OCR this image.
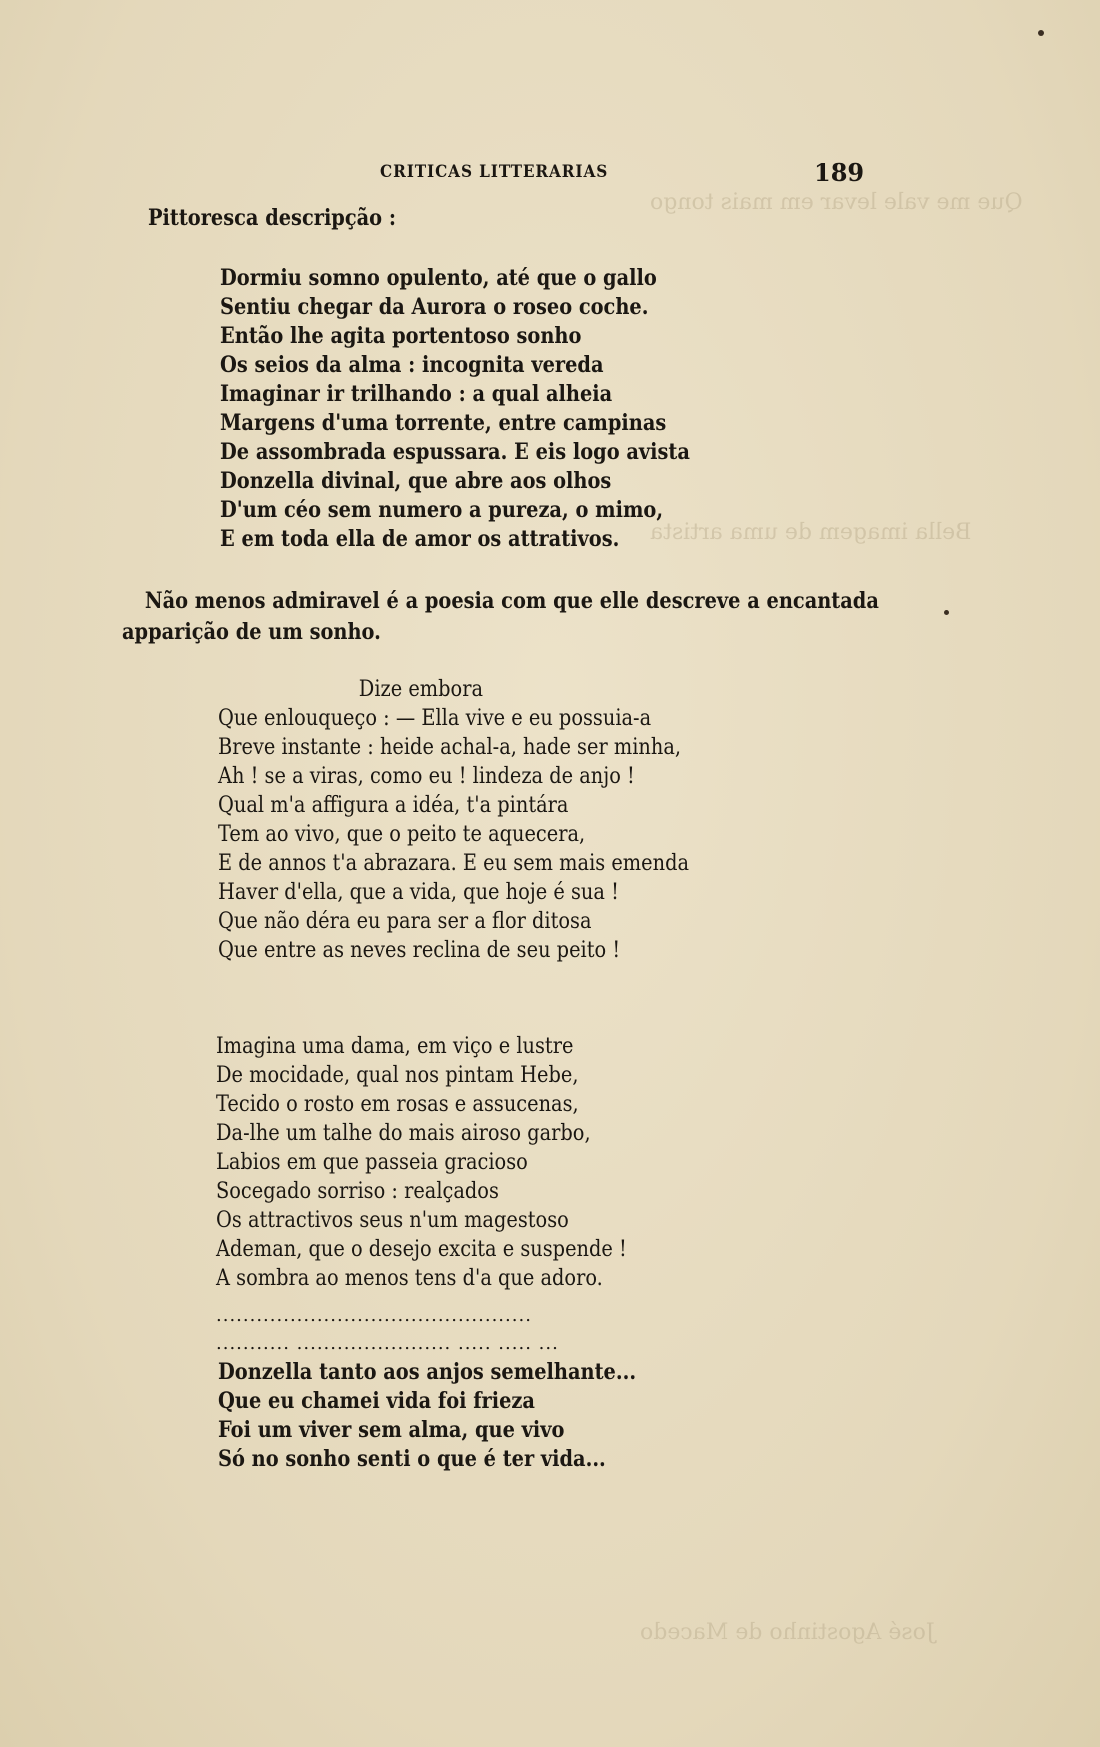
Que me vale levar em mais tongo
Bella imagem de uma artista
José Agostinho de Macedo
CRITICAS LITTERARIAS	189
Pittoresca descripção :
Dormiu somno opulento, até que o gallo
Sentiu chegar da Aurora o roseo coche.
Então lhe agita portentoso sonho
Os seios da alma : incognita vereda
Imaginar ir trilhando : a qual alheia
Margens d'uma torrente, entre campinas
De assombrada espussara. E eis logo avista
Donzella divinal, que abre aos olhos
D'um céo sem numero a pureza, o mimo,
E em toda ella de amor os attrativos.
Não menos admiravel é a poesia com que elle descreve a encantada
apparição de um sonho.
Dize embora
Que enlouqueço : — Ella vive e eu possuia-a
Breve instante : heide achal-a, hade ser minha,
Ah ! se a viras, como eu ! lindeza de anjo !
Qual m'a affigura a idéa, t'a pintára
Tem ao vivo, que o peito te aquecera,
E de annos t'a abrazara. E eu sem mais emenda
Haver d'ella, que a vida, que hoje é sua !
Que não déra eu para ser a flor ditosa
Que entre as neves reclina de seu peito !
Imagina uma dama, em viço e lustre
De mocidade, qual nos pintam Hebe,
Tecido o rosto em rosas e assucenas,
Da-lhe um talhe do mais airoso garbo,
Labios em que passeia gracioso
Socegado sorriso : realçados
Os attractivos seus n'um magestoso
Ademan, que o desejo excita e suspende !
A sombra ao menos tens d'a que adoro.
...............................................
........... ....................... ..... ..... ...
Donzella tanto aos anjos semelhante...
Que eu chamei vida foi frieza
Foi um viver sem alma, que vivo
Só no sonho senti o que é ter vida...
